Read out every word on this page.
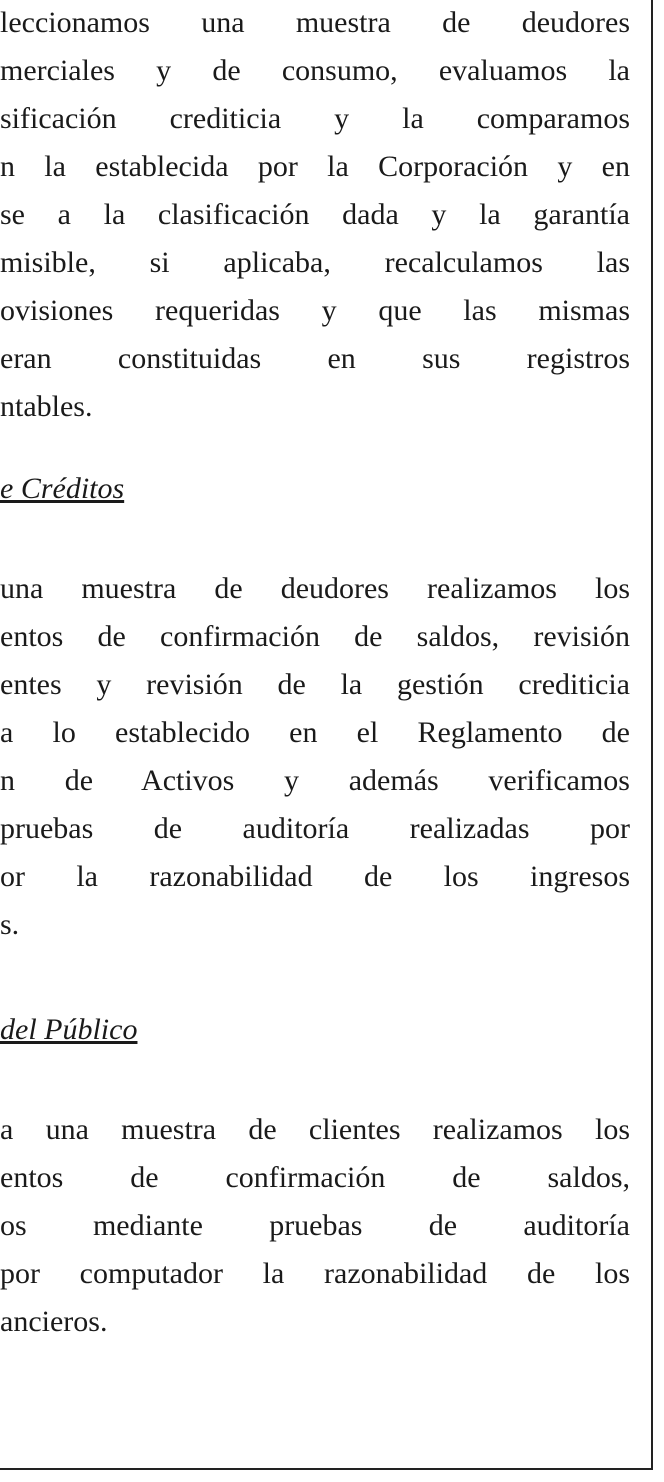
leccionamos una muestra de deudores
merciales y de consumo, evaluamos la
sificación crediticia y la comparamos
n la establecida por la Corporación y en
se a la clasificación dada y la garantía
misible, si aplicaba, recalculamos las
ovisiones requeridas y que las mismas
eran constituidas en sus registros
ntables.
e Créditos
una muestra de deudores realizamos los
entos de confirmación de saldos, revisión
entes y revisión de la gestión crediticia
a lo establecido en el Reglamento de
n de Activos y además verificamos
pruebas de auditoría realizadas por
or la razonabilidad de los ingresos
s.
del Público
a una muestra de clientes realizamos los
entos de confirmación de saldos,
os mediante pruebas de auditoría
por computador la razonabilidad de los
ancieros.
